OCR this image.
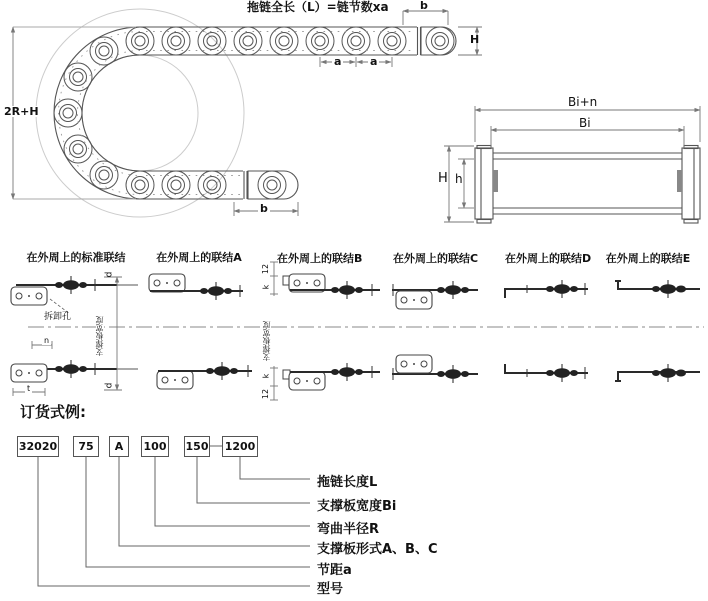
拖链全长（L）=链节数xa	b
H
2R+H
a	a
b
Bi+n
Bi
H h
在外周上的标准联结	在外周上的联结A	在外周上的联结B	在外周上的联结C 在外周上的联结D 在外周上的联结E
拆卸孔	支撑板宽度	支撑板宽度
d
d
n
t
12
k
k
12
订货式例:
32020	75	A	100 150 1200
拖链长度L
支撑板宽度Bi
弯曲半径R
支撑板形式A、B、C
节距a
型号
